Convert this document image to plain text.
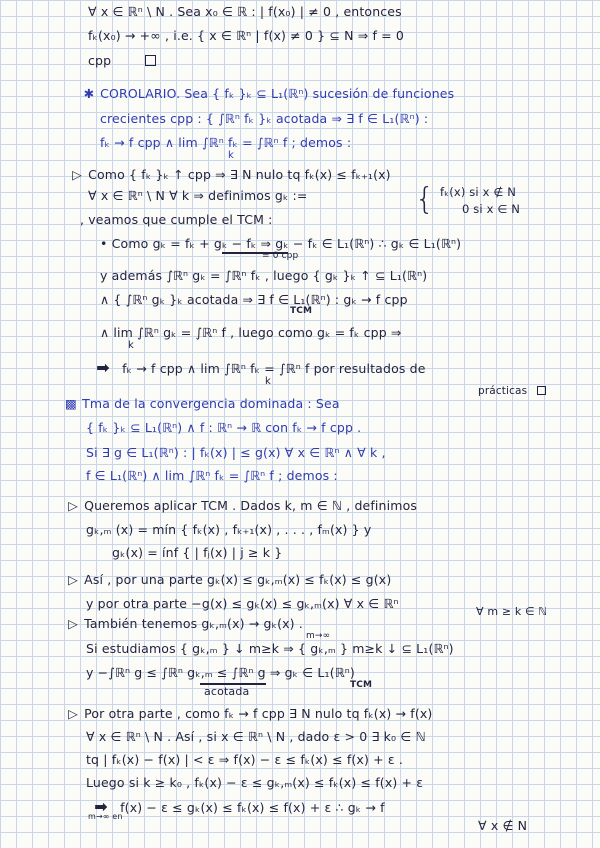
∀ x ∈ ℝⁿ \ N . Sea x₀ ∈ ℝ : | f(x₀) | ≠ 0 , entonces
fₖ(x₀) → +∞ , i.e. { x ∈ ℝⁿ | f(x) ≠ 0 } ⊆ N ⇒ f = 0
cpp
✱ COROLARIO. Sea { fₖ }ₖ ⊆ L₁(ℝⁿ) sucesión de funciones
crecientes cpp : { ∫ℝⁿ fₖ }ₖ acotada ⇒ ∃ f ∈ L₁(ℝⁿ) :
fₖ → f cpp ∧ lim ∫ℝⁿ fₖ = ∫ℝⁿ f ; demos :
k
▷ Como { fₖ }ₖ ↑ cpp ⇒ ∃ N nulo tq fₖ(x) ≤ fₖ₊₁(x)
∀ x ∈ ℝⁿ \ N ∀ k ⇒ definimos gₖ :=	{ fₖ(x) si x ∉ N
0 si x ∈ N
, veamos que cumple el TCM :
• Como gₖ = fₖ + gₖ − fₖ ⇒ gₖ − fₖ ∈ L₁(ℝⁿ) ∴ gₖ ∈ L₁(ℝⁿ)
= 0 cpp
y además ∫ℝⁿ gₖ = ∫ℝⁿ fₖ , luego { gₖ }ₖ ↑ ⊆ L₁(ℝⁿ)
∧ { ∫ℝⁿ gₖ }ₖ acotada ⇒ ∃ f ∈ L₁(ℝⁿ) : gₖ → f cpp
TCM
∧ lim ∫ℝⁿ gₖ = ∫ℝⁿ f , luego como gₖ = fₖ cpp ⇒
k
➡ fₖ → f cpp ∧ lim ∫ℝⁿ fₖ = ∫ℝⁿ f por resultados de
k
prácticas
▩ Tma de la convergencia dominada : Sea
{ fₖ }ₖ ⊆ L₁(ℝⁿ) ∧ f : ℝⁿ → ℝ con fₖ → f cpp .
Si ∃ g ∈ L₁(ℝⁿ) : | fₖ(x) | ≤ g(x) ∀ x ∈ ℝⁿ ∧ ∀ k ,
f ∈ L₁(ℝⁿ) ∧ lim ∫ℝⁿ fₖ = ∫ℝⁿ f ; demos :
▷ Queremos aplicar TCM . Dados k, m ∈ ℕ , definimos
gₖ,ₘ (x) = mín { fₖ(x) , fₖ₊₁(x) , . . . , fₘ(x) } y
gₖ(x) = ínf { | fⱼ(x) | j ≥ k }
▷ Así , por una parte gₖ(x) ≤ gₖ,ₘ(x) ≤ fₖ(x) ≤ g(x)
y por otra parte −g(x) ≤ gₖ(x) ≤ gₖ,ₘ(x) ∀ x ∈ ℝⁿ
∀ m ≥ k ∈ ℕ
▷ También tenemos gₖ,ₘ(x) → gₖ(x) .
m→∞
Si estudiamos { gₖ,ₘ } ↓ m≥k ⇒ { gₖ,ₘ } m≥k ↓ ⊆ L₁(ℝⁿ)
y −∫ℝⁿ g ≤ ∫ℝⁿ gₖ,ₘ ≤ ∫ℝⁿ g ⇒ gₖ ∈ L₁(ℝⁿ)
TCM
acotada
▷ Por otra parte , como fₖ → f cpp ∃ N nulo tq fₖ(x) → f(x)
∀ x ∈ ℝⁿ \ N . Así , si x ∈ ℝⁿ \ N , dado ε > 0 ∃ k₀ ∈ ℕ
tq | fₖ(x) − f(x) | < ε ⇒ f(x) − ε ≤ fₖ(x) ≤ f(x) + ε .
Luego si k ≥ k₀ , fₖ(x) − ε ≤ gₖ,ₘ(x) ≤ fₖ(x) ≤ f(x) + ε
➡ f(x) − ε ≤ gₖ(x) ≤ fₖ(x) ≤ f(x) + ε ∴ gₖ → f
m→∞ en
∀ x ∉ N
